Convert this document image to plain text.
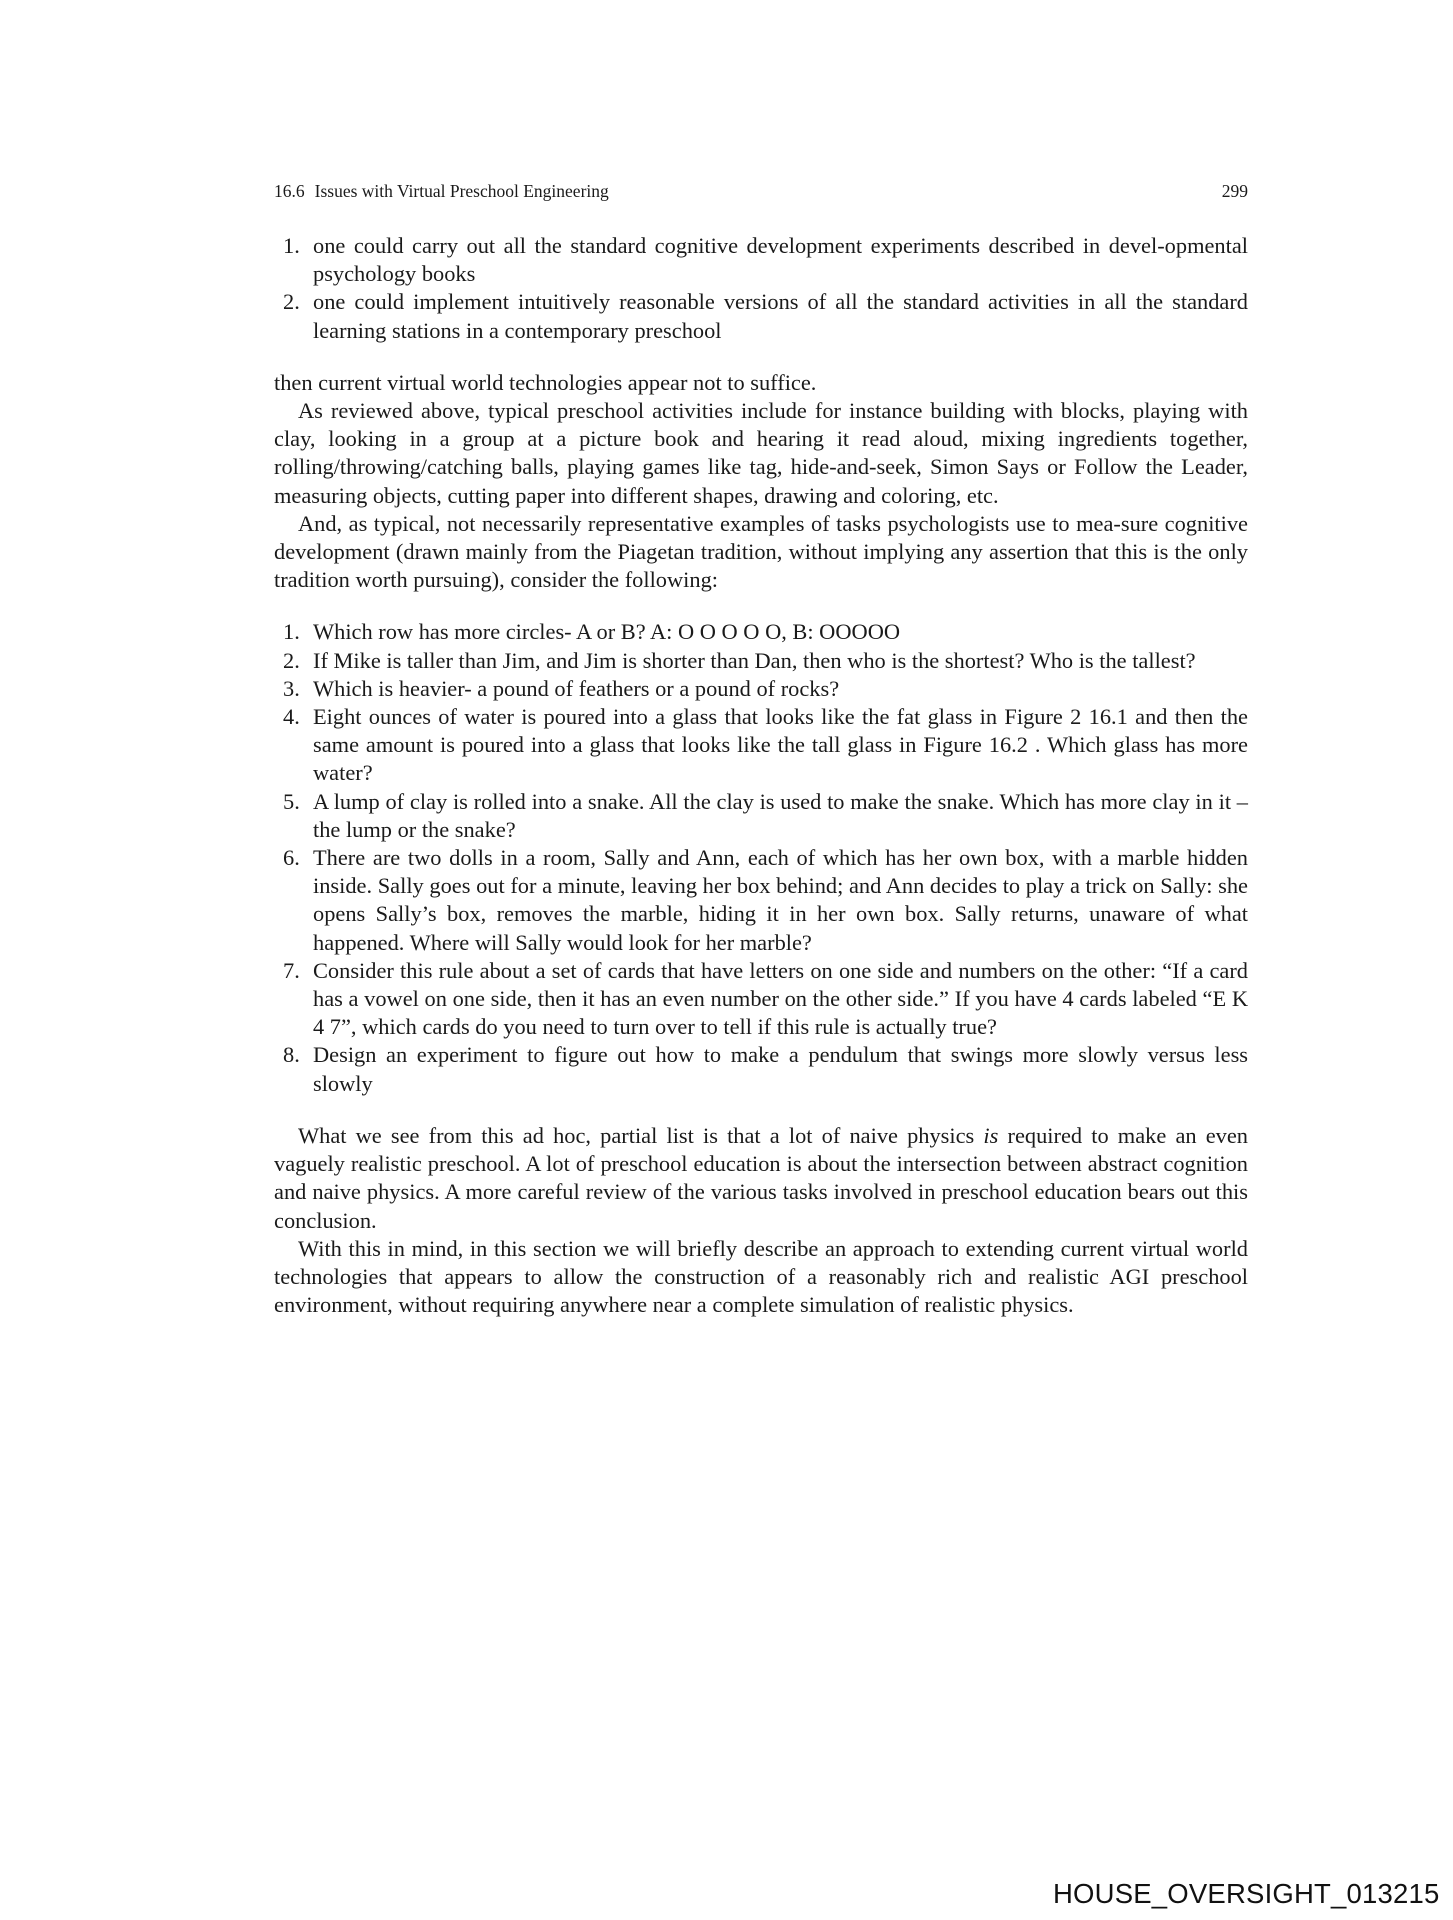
16.6 Issues with Virtual Preschool Engineering	299
1. one could carry out all the standard cognitive development experiments described in devel-opmental psychology books
2. one could implement intuitively reasonable versions of all the standard activities in all the standard learning stations in a contemporary preschool

then current virtual world technologies appear not to suffice.

As reviewed above, typical preschool activities include for instance building with blocks, playing with clay, looking in a group at a picture book and hearing it read aloud, mixing ingredients together, rolling/throwing/catching balls, playing games like tag, hide-and-seek, Simon Says or Follow the Leader, measuring objects, cutting paper into different shapes, drawing and coloring, etc.

And, as typical, not necessarily representative examples of tasks psychologists use to mea-sure cognitive development (drawn mainly from the Piagetan tradition, without implying any assertion that this is the only tradition worth pursuing), consider the following:

1. Which row has more circles- A or B? A: O O O O O, B: OOOOO
2. If Mike is taller than Jim, and Jim is shorter than Dan, then who is the shortest? Who is the tallest?
3. Which is heavier- a pound of feathers or a pound of rocks?
4. Eight ounces of water is poured into a glass that looks like the fat glass in Figure 2 16.1 and then the same amount is poured into a glass that looks like the tall glass in Figure 16.2 . Which glass has more water?
5. A lump of clay is rolled into a snake. All the clay is used to make the snake. Which has more clay in it – the lump or the snake?
6. There are two dolls in a room, Sally and Ann, each of which has her own box, with a marble hidden inside. Sally goes out for a minute, leaving her box behind; and Ann decides to play a trick on Sally: she opens Sally’s box, removes the marble, hiding it in her own box. Sally returns, unaware of what happened. Where will Sally would look for her marble?
7. Consider this rule about a set of cards that have letters on one side and numbers on the other: “If a card has a vowel on one side, then it has an even number on the other side.” If you have 4 cards labeled “E K 4 7”, which cards do you need to turn over to tell if this rule is actually true?
8. Design an experiment to figure out how to make a pendulum that swings more slowly versus less slowly

What we see from this ad hoc, partial list is that a lot of naive physics is required to make an even vaguely realistic preschool. A lot of preschool education is about the intersection between abstract cognition and naive physics. A more careful review of the various tasks involved in preschool education bears out this conclusion.

With this in mind, in this section we will briefly describe an approach to extending current virtual world technologies that appears to allow the construction of a reasonably rich and realistic AGI preschool environment, without requiring anywhere near a complete simulation of realistic physics.

HOUSE_OVERSIGHT_013215
